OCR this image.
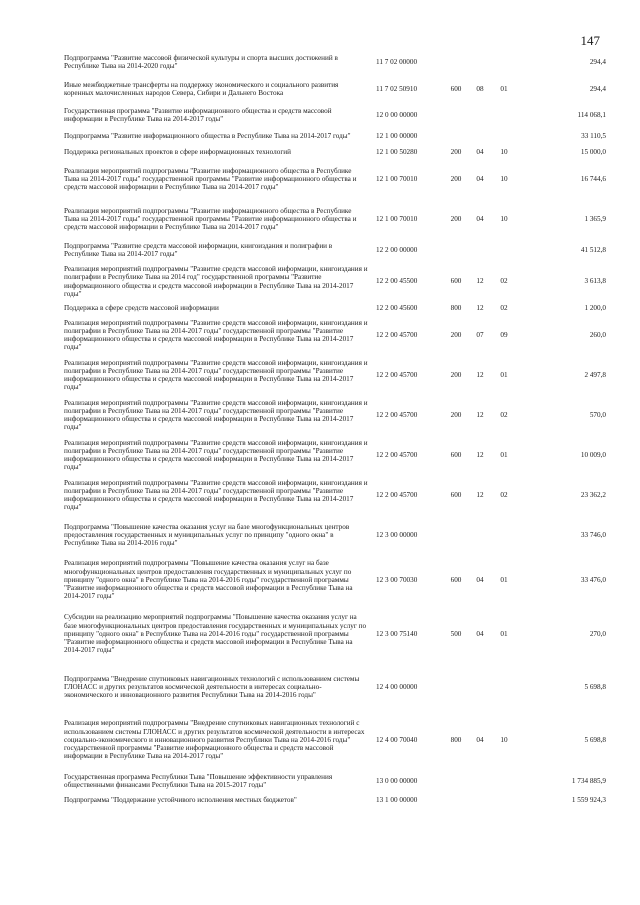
147
Подпрограмма "Развитие массовой физической культуры и спорта высших достижений в Республике Тыва на 2014-2020 годы"
11 7 02 00000	294,4
Иные межбюджетные трансферты на поддержку экономического и социального развития коренных малочисленных народов Севера, Сибири и Дальнего Востока
11 7 02 50910	600	08	01	294,4
Государственная программа "Развитие информационного общества и средств массовой информации в Республике Тыва на 2014-2017 годы"
12 0 00 00000	114 068,1
Подпрограмма "Развитие информационного общества в Республике Тыва на 2014-2017 годы"	12 1 00 00000	33 110,5
Поддержка региональных проектов в сфере информационных технологий	12 1 00 50280	200	04	10	15 000,0
Реализация мероприятий подпрограммы "Развитие информационного общества в Республике Тыва на 2014-2017 годы" государственной программы "Развитие информационного общества и средств массовой информации в Республике Тыва на 2014-2017 годы"
12 1 00 70010	200	04	10	16 744,6
Реализация мероприятий подпрограммы "Развитие информационного общества в Республике Тыва на 2014-2017 годы" государственной программы "Развитие информационного общества и средств массовой информации в Республике Тыва на 2014-2017 годы"
12 1 00 70010	200	04	10	1 365,9
Подпрограмма "Развитие средств массовой информации, книгоиздания и полиграфии в Республике Тыва на 2014-2017 годы"
12 2 00 00000	41 512,8
Реализация мероприятий подпрограммы "Развитие средств массовой информации, книгоиздания и полиграфии в Республике Тыва на 2014 год" государственной программы "Развитие информационного общества и средств массовой информации в Республике Тыва на 2014-2017 годы"
12 2 00 45500	600	12	02	3 613,8
Поддержка в сфере средств массовой информации	12 2 00 45600	800	12	02	1 200,0
Реализация мероприятий подпрограммы "Развитие средств массовой информации, книгоиздания и полиграфии в Республике Тыва на 2014-2017 годы" государственной программы "Развитие информационного общества и средств массовой информации в Республике Тыва на 2014-2017 годы"
12 2 00 45700	200	07	09	260,0
Реализация мероприятий подпрограммы "Развитие средств массовой информации, книгоиздания и полиграфии в Республике Тыва на 2014-2017 годы" государственной программы "Развитие информационного общества и средств массовой информации в Республике Тыва на 2014-2017 годы"
12 2 00 45700	200	12	01	2 497,8
Реализация мероприятий подпрограммы "Развитие средств массовой информации, книгоиздания и полиграфии в Республике Тыва на 2014-2017 годы" государственной программы "Развитие информационного общества и средств массовой информации в Республике Тыва на 2014-2017 годы"
12 2 00 45700	200	12	02	570,0
Реализация мероприятий подпрограммы "Развитие средств массовой информации, книгоиздания и полиграфии в Республике Тыва на 2014-2017 годы" государственной программы "Развитие информационного общества и средств массовой информации в Республике Тыва на 2014-2017 годы"
12 2 00 45700	600	12	01	10 009,0
Реализация мероприятий подпрограммы "Развитие средств массовой информации, книгоиздания и полиграфии в Республике Тыва на 2014-2017 годы" государственной программы "Развитие информационного общества и средств массовой информации в Республике Тыва на 2014-2017 годы"
12 2 00 45700	600	12	02	23 362,2
Подпрограмма "Повышение качества оказания услуг на базе многофункциональных центров предоставления государственных и муниципальных услуг по принципу "одного окна" в Республике Тыва на 2014-2016 годы"
12 3 00 00000	33 746,0
Реализация мероприятий подпрограммы "Повышение качества оказания услуг на базе многофункциональных центров предоставления государственных и муниципальных услуг по принципу "одного окна" в Республике Тыва на 2014-2016 годы" государственной программы "Развитие информационного общества и средств массовой информации в Республике Тыва на 2014-2017 годы"
12 3 00 70030	600	04	01	33 476,0
Субсидии на реализацию мероприятий подпрограммы "Повышение качества оказания услуг на базе многофункциональных центров предоставления государственных и муниципальных услуг по принципу "одного окна" в Республике Тыва на 2014-2016 годы" государственной программы "Развитие информационного общества и средств массовой информации в Республике Тыва на 2014-2017 годы"
12 3 00 75140	500	04	01	270,0
Подпрограмма "Внедрение спутниковых навигационных технологий с использованием системы ГЛОНАСС и других результатов космической деятельности в интересах социально-экономического и инновационного развития Республики Тыва на 2014-2016 годы"
12 4 00 00000	5 698,8
Реализация мероприятий подпрограммы "Внедрение спутниковых навигационных технологий с использованием системы ГЛОНАСС и других результатов космической деятельности в интересах социально-экономического и инновационного развития Республики Тыва на 2014-2016 годы" государственной программы "Развитие информационного общества и средств массовой информации в Республике Тыва на 2014-2017 годы"
12 4 00 70040	800	04	10	5 698,8
Государственная программа Республики Тыва "Повышение эффективности управления общественными финансами Республики Тыва на 2015-2017 годы"
13 0 00 00000	1 734 885,9
Подпрограмма "Поддержание устойчивого исполнения местных бюджетов"	13 1 00 00000	1 559 924,3
